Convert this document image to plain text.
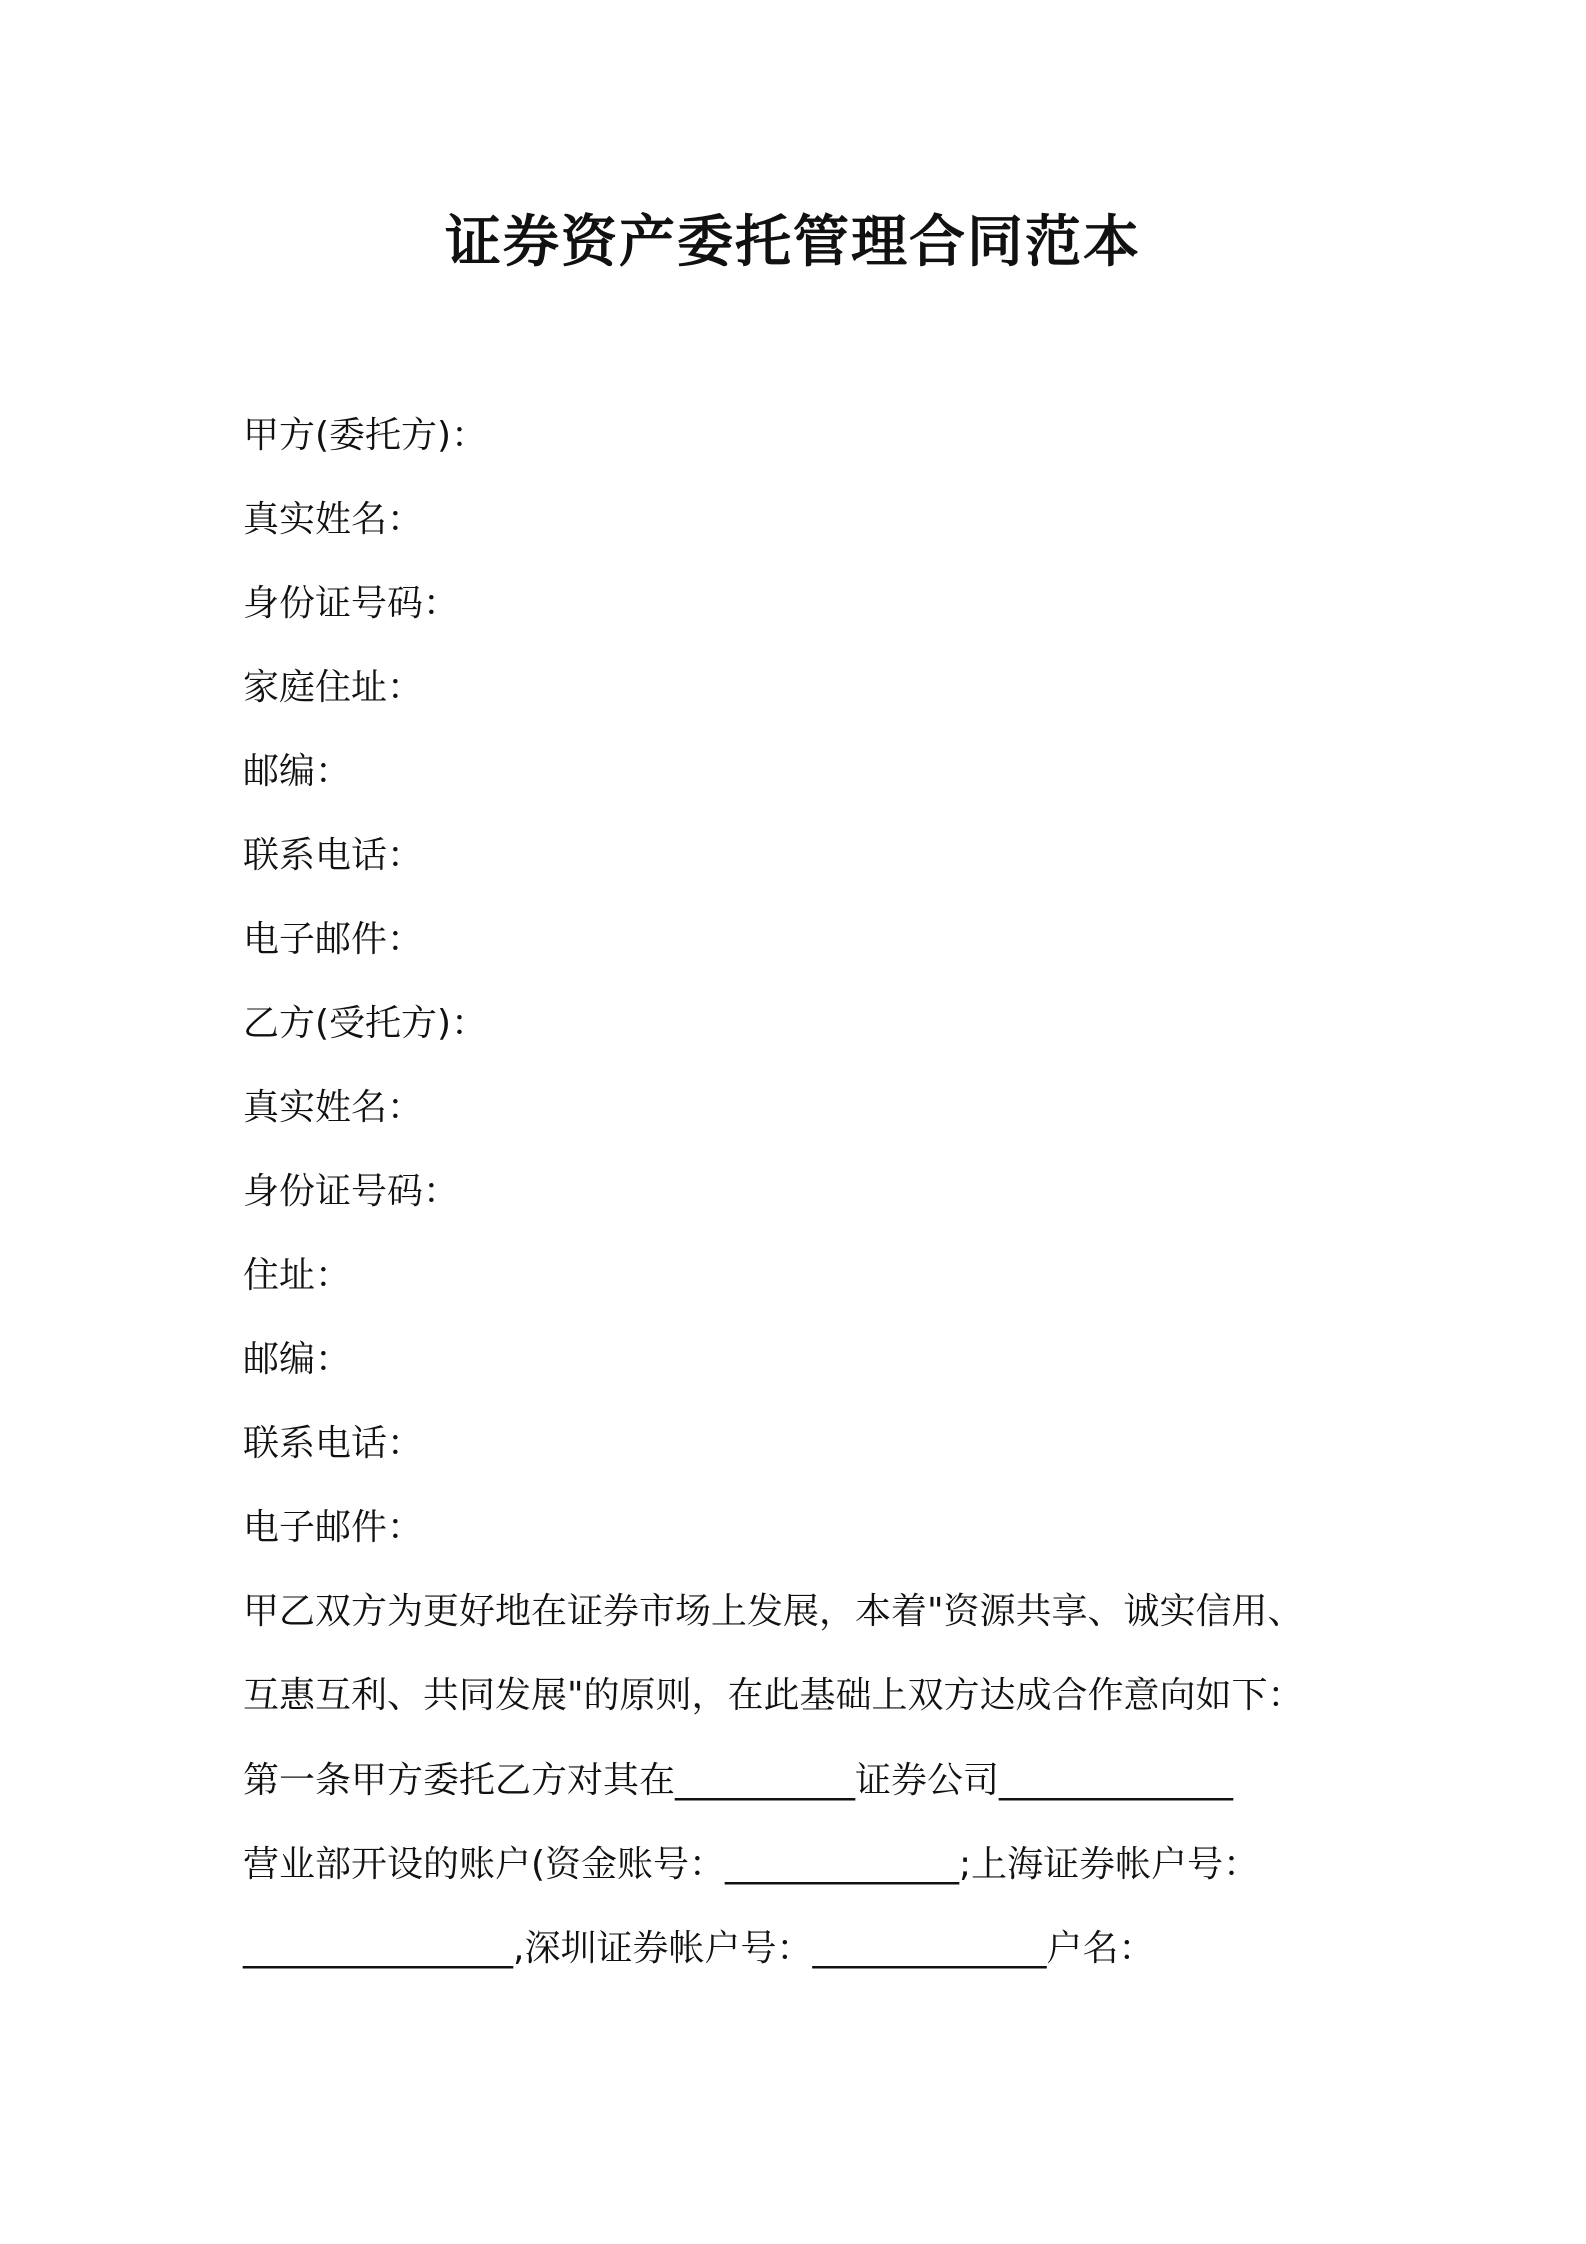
证券资产委托管理合同范本
甲方(委托方)：
真实姓名：
身份证号码：
家庭住址：
邮编：
联系电话：
电子邮件：
乙方(受托方)：
真实姓名：
身份证号码：
住址：
邮编：
联系电话：
电子邮件：

甲乙双方为更好地在证券市场上发展，本着"资源共享、诚实信用、
互惠互利、共同发展"的原则，在此基础上双方达成合作意向如下：

第一条甲方委托乙方对其在__________证券公司_____________
营业部开设的账户(资金账号：_____________;上海证券帐户号：
_______________,深圳证券帐户号：_____________户名：
